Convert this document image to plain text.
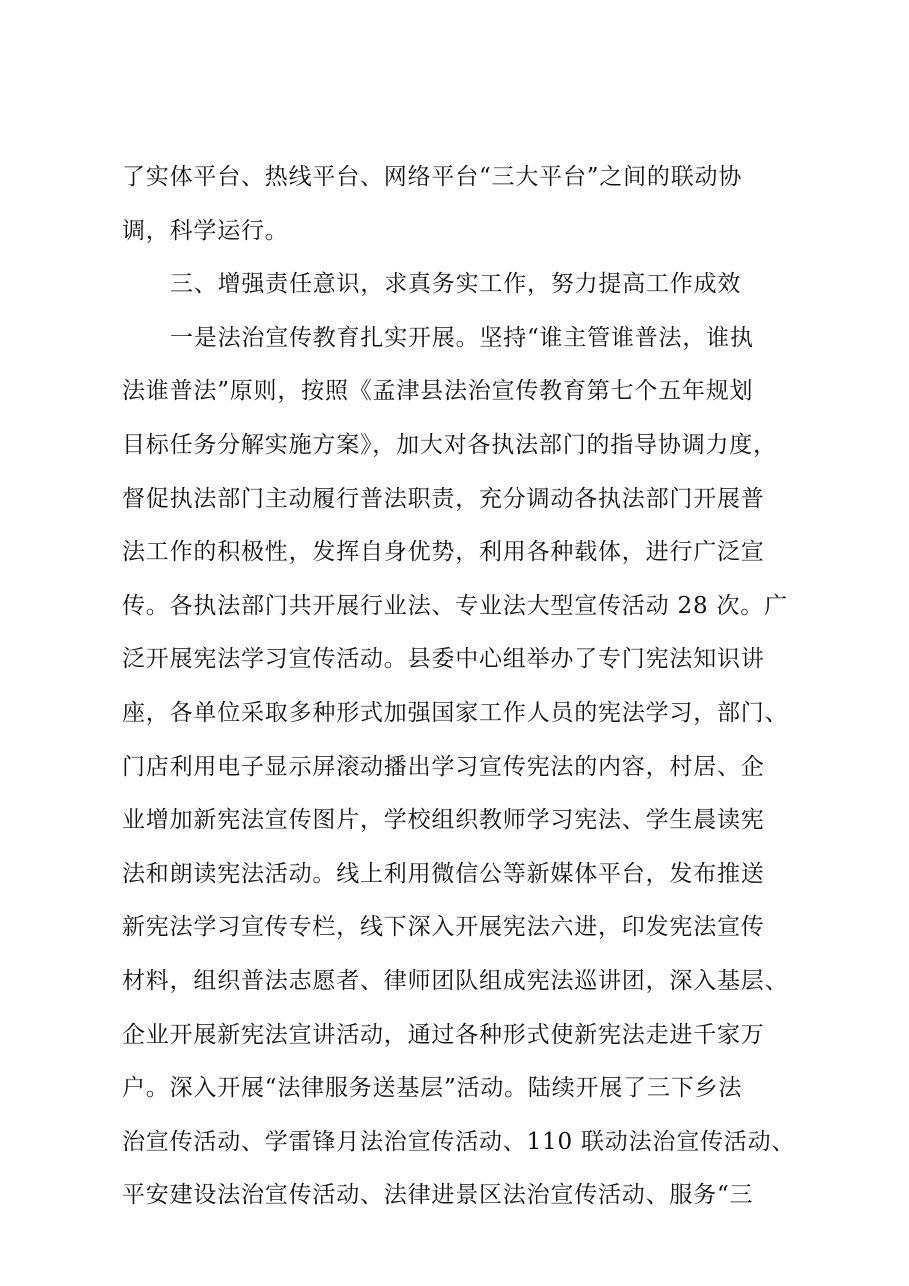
了实体平台、热线平台、网络平台“三大平台”之间的联动协
调，科学运行。
三、增强责任意识，求真务实工作，努力提高工作成效
一是法治宣传教育扎实开展。坚持“谁主管谁普法，谁执
法谁普法”原则，按照《孟津县法治宣传教育第七个五年规划
目标任务分解实施方案》，加大对各执法部门的指导协调力度，
督促执法部门主动履行普法职责，充分调动各执法部门开展普
法工作的积极性，发挥自身优势，利用各种载体，进行广泛宣
传。各执法部门共开展行业法、专业法大型宣传活动 28 次。广
泛开展宪法学习宣传活动。县委中心组举办了专门宪法知识讲
座，各单位采取多种形式加强国家工作人员的宪法学习，部门、
门店利用电子显示屏滚动播出学习宣传宪法的内容，村居、企
业增加新宪法宣传图片，学校组织教师学习宪法、学生晨读宪
法和朗读宪法活动。线上利用微信公等新媒体平台，发布推送
新宪法学习宣传专栏，线下深入开展宪法六进，印发宪法宣传
材料，组织普法志愿者、律师团队组成宪法巡讲团，深入基层、
企业开展新宪法宣讲活动，通过各种形式使新宪法走进千家万
户。深入开展“法律服务送基层”活动。陆续开展了三下乡法
治宣传活动、学雷锋月法治宣传活动、110 联动法治宣传活动、
平安建设法治宣传活动、法律进景区法治宣传活动、服务“三
